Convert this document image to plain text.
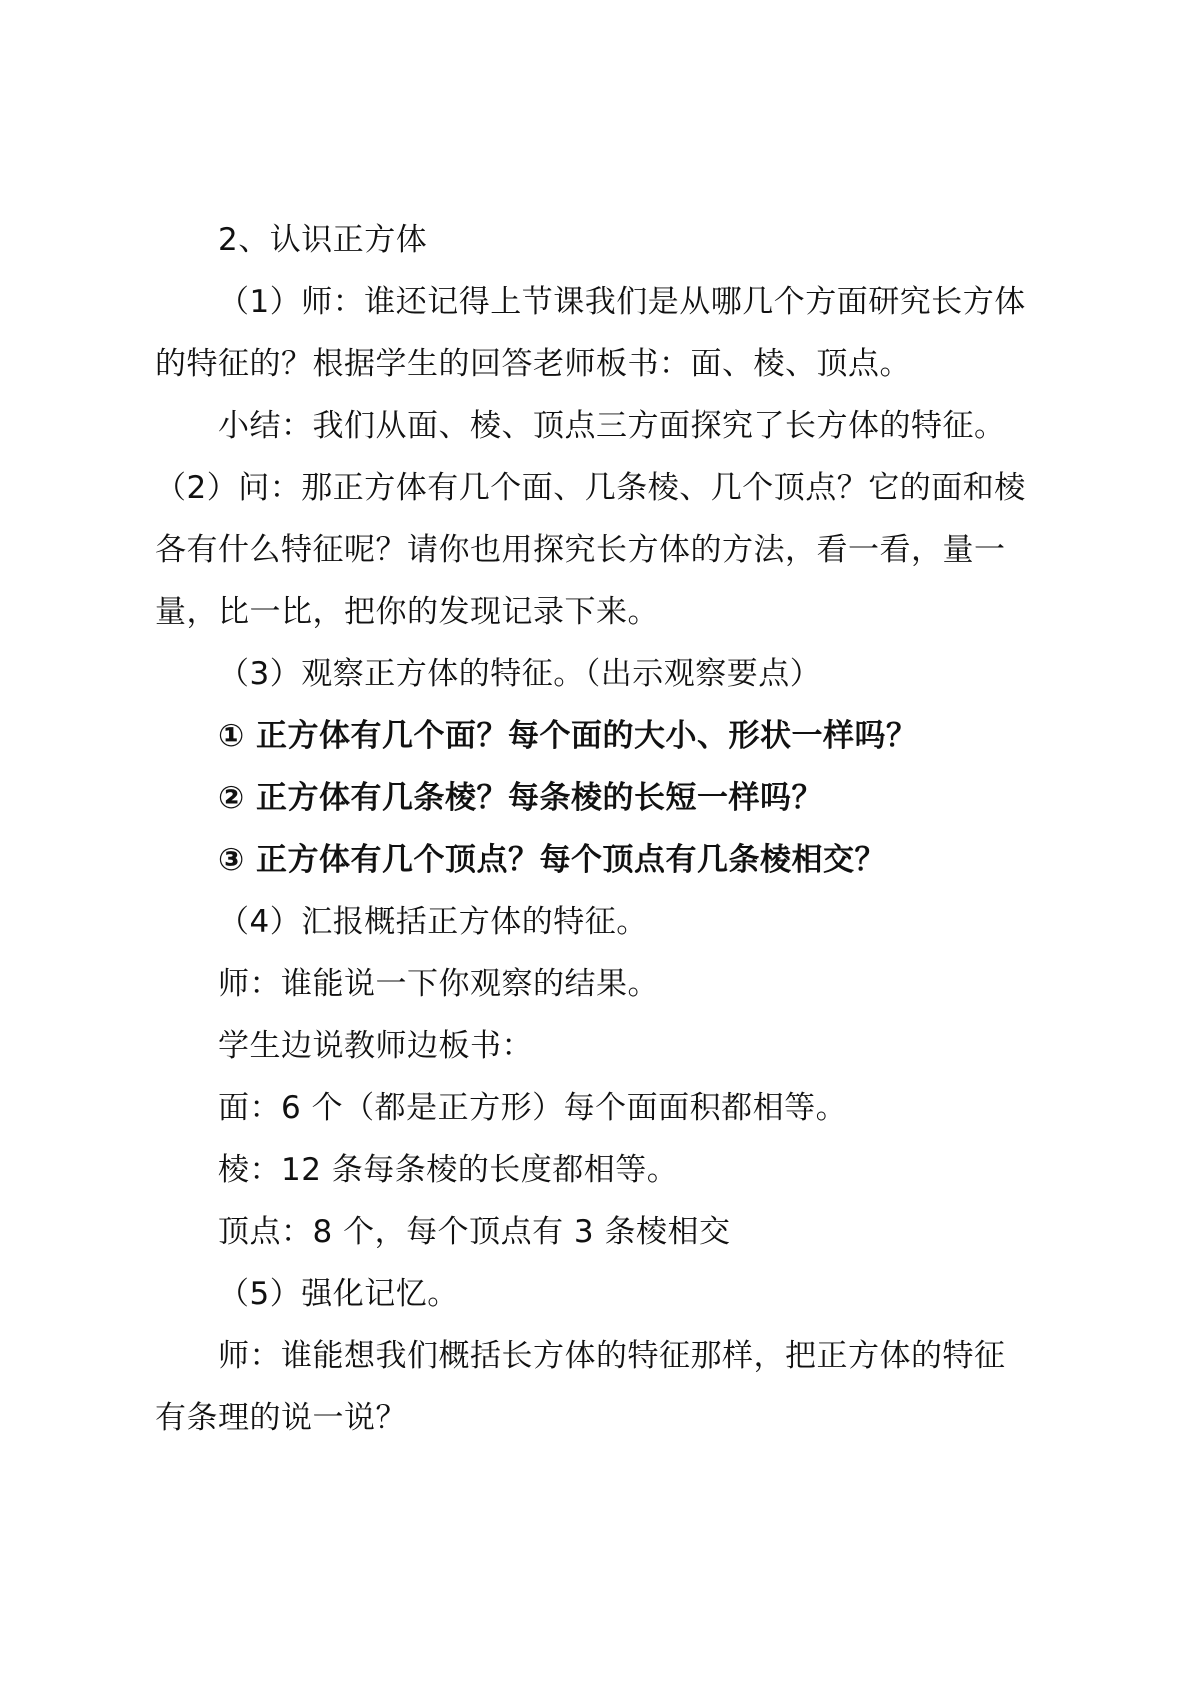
2、认识正方体
（1）师：谁还记得上节课我们是从哪几个方面研究长方体
的特征的？根据学生的回答老师板书：面、棱、顶点。
小结：我们从面、棱、顶点三方面探究了长方体的特征。
（2）问：那正方体有几个面、几条棱、几个顶点？它的面和棱
各有什么特征呢？请你也用探究长方体的方法，看一看，量一
量，比一比，把你的发现记录下来。
（3）观察正方体的特征。（出示观察要点）
① 正方体有几个面？每个面的大小、形状一样吗？
② 正方体有几条棱？每条棱的长短一样吗？
③ 正方体有几个顶点？每个顶点有几条棱相交？
（4）汇报概括正方体的特征。
师：谁能说一下你观察的结果。
学生边说教师边板书：
面：6 个（都是正方形）每个面面积都相等。
棱：12 条每条棱的长度都相等。
顶点：8 个，每个顶点有 3 条棱相交
（5）强化记忆。
师：谁能想我们概括长方体的特征那样，把正方体的特征
有条理的说一说？
